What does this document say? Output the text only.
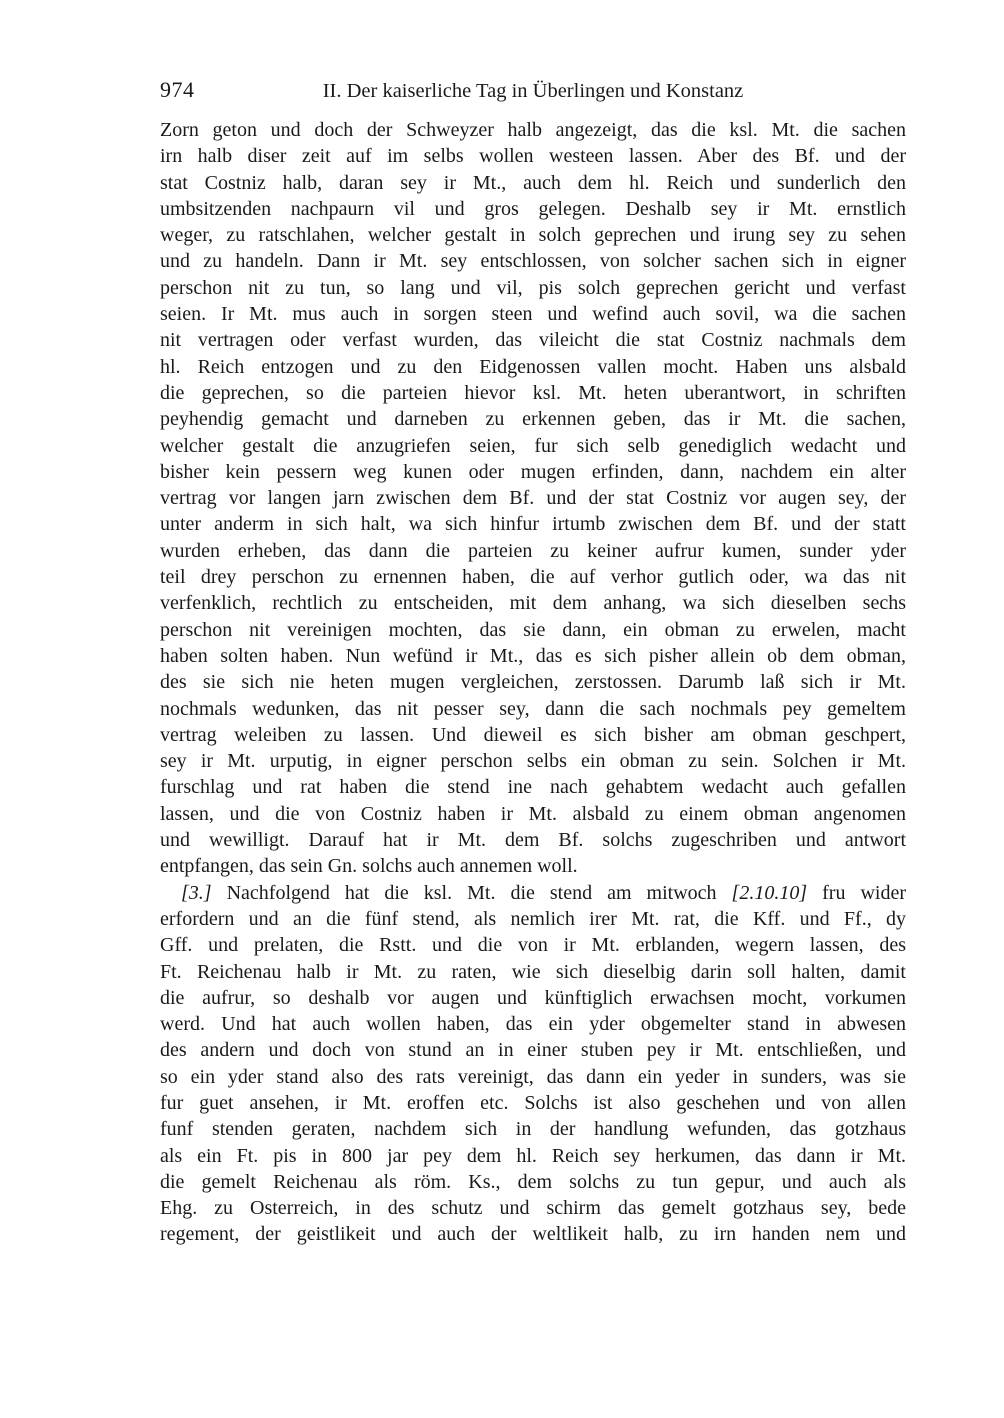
974	II. Der kaiserliche Tag in Überlingen und Konstanz
Zorn geton und doch der Schweyzer halb angezeigt, das die ksl. Mt. die sachen
irn halb diser zeit auf im selbs wollen westeen lassen. Aber des Bf. und der
stat Costniz halb, daran sey ir Mt., auch dem hl. Reich und sunderlich den
umbsitzenden nachpaurn vil und gros gelegen. Deshalb sey ir Mt. ernstlich
weger, zu ratschlahen, welcher gestalt in solch geprechen und irung sey zu sehen
und zu handeln. Dann ir Mt. sey entschlossen, von solcher sachen sich in eigner
perschon nit zu tun, so lang und vil, pis solch geprechen gericht und verfast
seien. Ir Mt. mus auch in sorgen steen und wefind auch sovil, wa die sachen
nit vertragen oder verfast wurden, das vileicht die stat Costniz nachmals dem
hl. Reich entzogen und zu den Eidgenossen vallen mocht. Haben uns alsbald
die geprechen, so die parteien hievor ksl. Mt. heten uberantwort, in schriften
peyhendig gemacht und darneben zu erkennen geben, das ir Mt. die sachen,
welcher gestalt die anzugriefen seien, fur sich selb genediglich wedacht und
bisher kein pessern weg kunen oder mugen erfinden, dann, nachdem ein alter
vertrag vor langen jarn zwischen dem Bf. und der stat Costniz vor augen sey, der
unter anderm in sich halt, wa sich hinfur irtumb zwischen dem Bf. und der statt
wurden erheben, das dann die parteien zu keiner aufrur kumen, sunder yder
teil drey perschon zu ernennen haben, die auf verhor gutlich oder, wa das nit
verfenklich, rechtlich zu entscheiden, mit dem anhang, wa sich dieselben sechs
perschon nit vereinigen mochten, das sie dann, ein obman zu erwelen, macht
haben solten haben. Nun wefünd ir Mt., das es sich pisher allein ob dem obman,
des sie sich nie heten mugen vergleichen, zerstossen. Darumb laß sich ir Mt.
nochmals wedunken, das nit pesser sey, dann die sach nochmals pey gemeltem
vertrag weleiben zu lassen. Und dieweil es sich bisher am obman geschpert,
sey ir Mt. urputig, in eigner perschon selbs ein obman zu sein. Solchen ir Mt.
furschlag und rat haben die stend ine nach gehabtem wedacht auch gefallen
lassen, und die von Costniz haben ir Mt. alsbald zu einem obman angenomen
und wewilligt. Darauf hat ir Mt. dem Bf. solchs zugeschriben und antwort
entpfangen, das sein Gn. solchs auch annemen woll.
[3.] Nachfolgend hat die ksl. Mt. die stend am mitwoch [2.10.10] fru wider
erfordern und an die fünf stend, als nemlich irer Mt. rat, die Kff. und Ff., dy
Gff. und prelaten, die Rstt. und die von ir Mt. erblanden, wegern lassen, des
Ft. Reichenau halb ir Mt. zu raten, wie sich dieselbig darin soll halten, damit
die aufrur, so deshalb vor augen und künftiglich erwachsen mocht, vorkumen
werd. Und hat auch wollen haben, das ein yder obgemelter stand in abwesen
des andern und doch von stund an in einer stuben pey ir Mt. entschließen, und
so ein yder stand also des rats vereinigt, das dann ein yeder in sunders, was sie
fur guet ansehen, ir Mt. eroffen etc. Solchs ist also geschehen und von allen
funf stenden geraten, nachdem sich in der handlung wefunden, das gotzhaus
als ein Ft. pis in 800 jar pey dem hl. Reich sey herkumen, das dann ir Mt.
die gemelt Reichenau als röm. Ks., dem solchs zu tun gepur, und auch als
Ehg. zu Osterreich, in des schutz und schirm das gemelt gotzhaus sey, bede
regement, der geistlikeit und auch der weltlikeit halb, zu irn handen nem und
